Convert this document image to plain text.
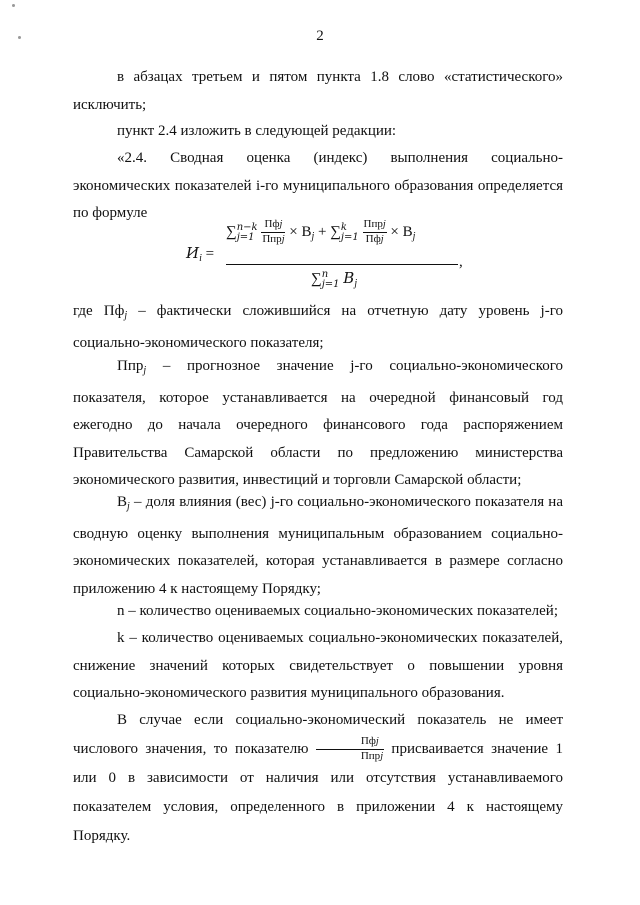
2

в абзацах третьем и пятом пункта 1.8 слово «статистического» исключить;

пункт 2.4 изложить в следующей редакции:

«2.4. Сводная оценка (индекс) выполнения социально-экономических показателей i-го муниципального образования определяется по формуле

$И_i$ =
∑ n−k
j=1
$\frac{\text{Пфj}}{\text{Ппрj}} \times В_j$ + ∑ k
j=1
$\frac{\text{Ппрj}}{\text{Пфj}} \times В_j$
,
∑ n
j=1 $B_j$

где $Пф_j$ – фактически сложившийся на отчетную дату уровень j-го социально-экономического показателя;

Ппр$_j$ – прогнозное значение j-го социально-экономического показателя, которое устанавливается на очередной финансовый год ежегодно до начала очередного финансового года распоряжением Правительства Самарской области по предложению министерства экономического развития, инвестиций и торговли Самарской области;

$В_j$ – доля влияния (вес) j-го социально-экономического показателя на сводную оценку выполнения муниципальным образованием социально-экономических показателей, которая устанавливается в размере согласно приложению 4 к настоящему Порядку;

n – количество оцениваемых социально-экономических показателей;

k – количество оцениваемых социально-экономических показателей, снижение значений которых свидетельствует о повышении уровня социально-экономического развития муниципального образования.

В случае если социально-экономический показатель не имеет числового значения, то показателю $\frac{\text{Пфj}}{\text{Ппрj}}$ присваивается значение 1 или 0 в зависимости от наличия или отсутствия устанавливаемого показателем условия, определенного в приложении 4 к настоящему Порядку.
